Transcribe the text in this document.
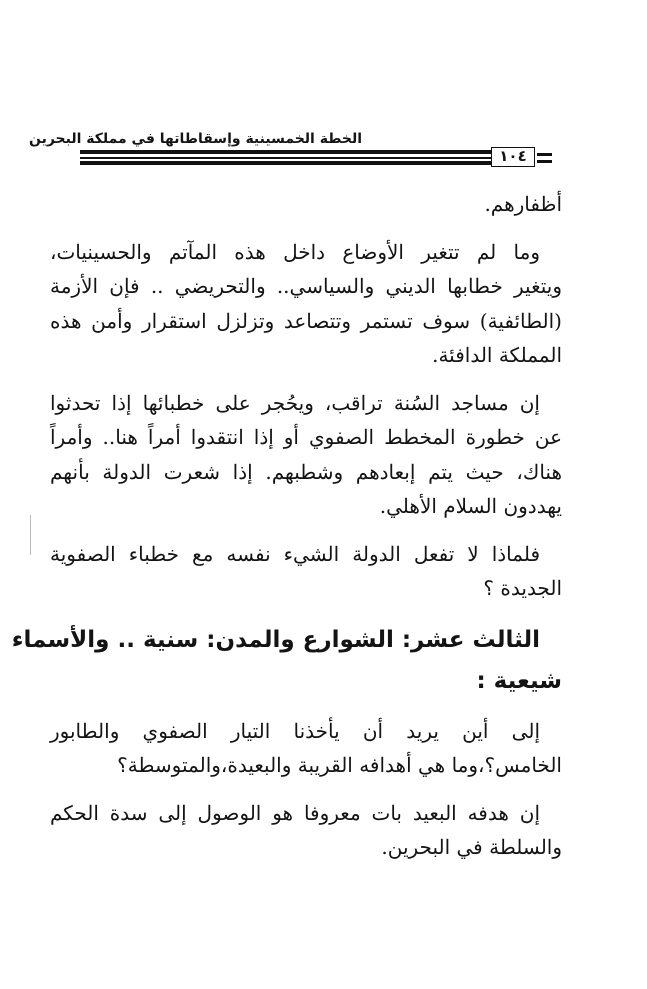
الخطة الخمسينية وإسقاطاتها في مملكة البحرين
١٠٤
أظفارهم.
وما لم تتغير الأوضاع داخل هذه المآتم والحسينيات،
ويتغير خطابها الديني والسياسي.. والتحريضي .. فإن الأزمة
(الطائفية) سوف تستمر وتتصاعد وتزلزل استقرار وأمن هذه
المملكة الدافئة.
إن مساجد السُنة تراقب، ويحُجر على خطبائها إذا تحدثوا
عن خطورة المخطط الصفوي أو إذا انتقدوا أمراً هنا.. وأمراً
هناك، حيث يتم إبعادهم وشطبهم. إذا شعرت الدولة بأنهم
يهددون السلام الأهلي.
فلماذا لا تفعل الدولة الشيء نفسه مع خطباء الصفوية
الجديدة ؟
الثالث عشر: الشوارع والمدن: سنية .. والأسماء
شيعية :
إلى أين يريد أن يأخذنا التيار الصفوي والطابور
الخامس؟،وما هي أهدافه القريبة والبعيدة،والمتوسطة؟
إن هدفه البعيد بات معروفا هو الوصول إلى سدة الحكم
والسلطة في البحرين.
